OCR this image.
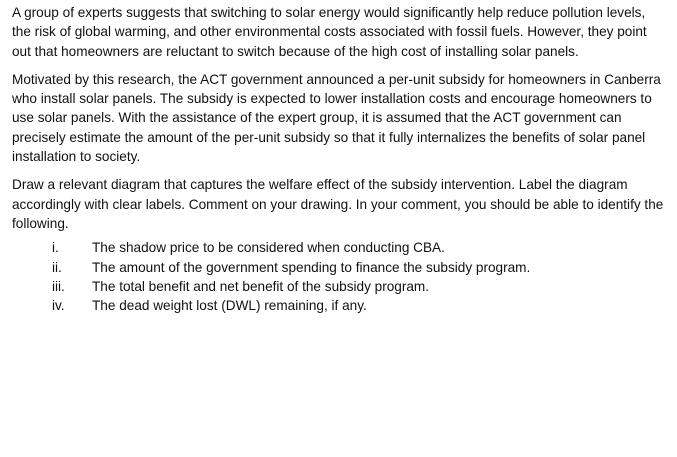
A group of experts suggests that switching to solar energy would significantly help reduce pollution levels, the risk of global warming, and other environmental costs associated with fossil fuels. However, they point out that homeowners are reluctant to switch because of the high cost of installing solar panels.

Motivated by this research, the ACT government announced a per-unit subsidy for homeowners in Canberra who install solar panels. The subsidy is expected to lower installation costs and encourage homeowners to use solar panels. With the assistance of the expert group, it is assumed that the ACT government can precisely estimate the amount of the per-unit subsidy so that it fully internalizes the benefits of solar panel installation to society.

Draw a relevant diagram that captures the welfare effect of the subsidy intervention. Label the diagram accordingly with clear labels. Comment on your drawing. In your comment, you should be able to identify the following.

i.	The shadow price to be considered when conducting CBA.
ii.	The amount of the government spending to finance the subsidy program.
iii.	The total benefit and net benefit of the subsidy program.
iv.	The dead weight lost (DWL) remaining, if any.
